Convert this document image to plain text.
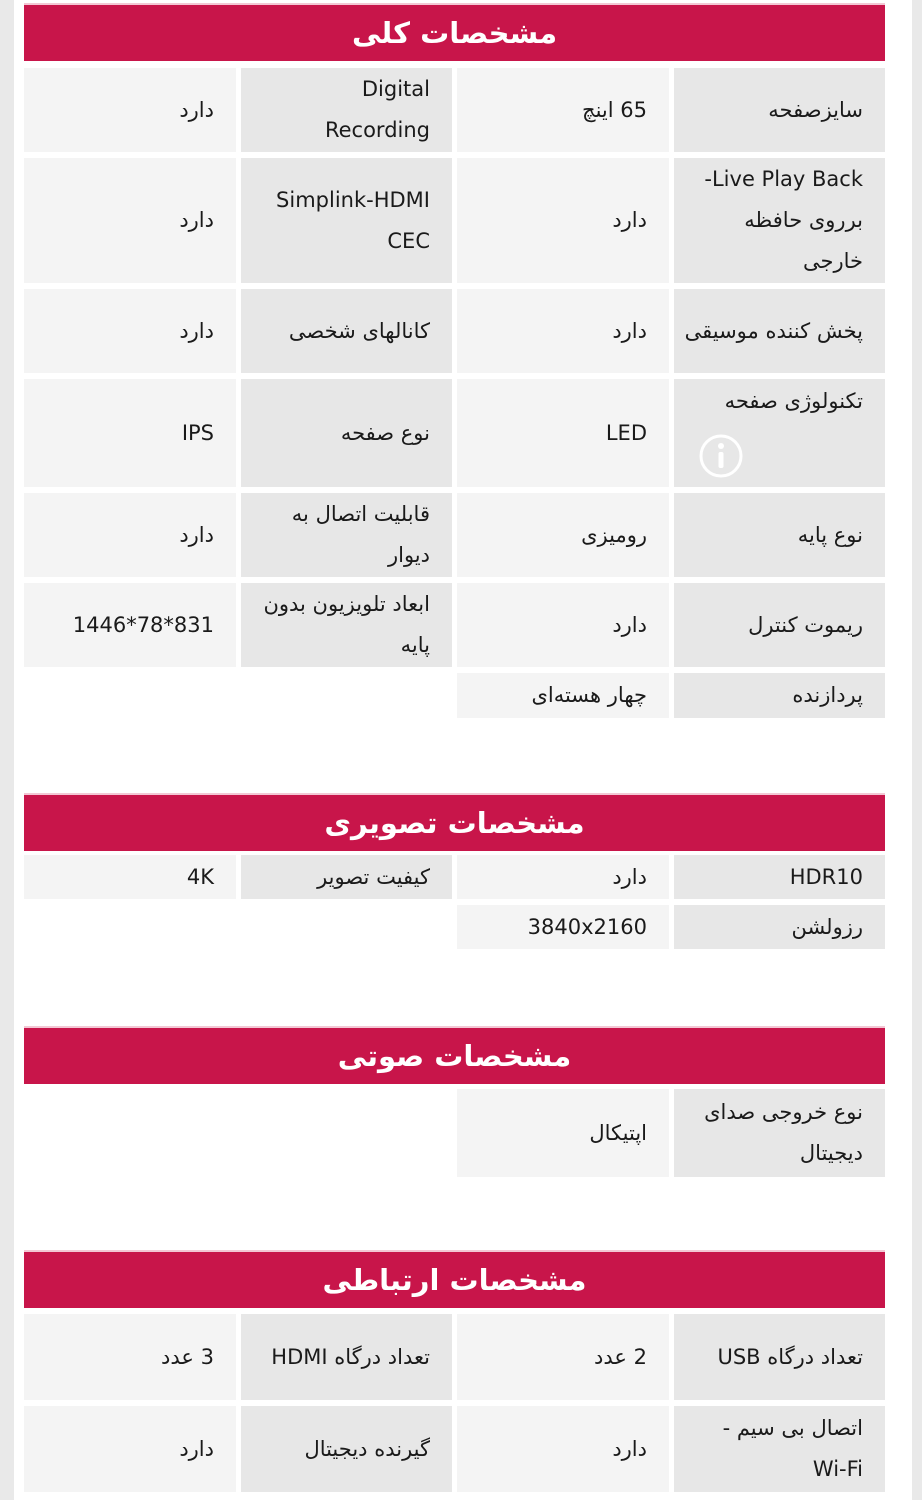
مشخصات کلی
سایزصفحه
65 اینچ
Digital Recording
دارد
Live Play Back- برروی حافظه خارجی
دارد
Simplink-HDMI CEC
دارد
پخش کننده موسیقی
دارد
کانالهای شخصی
دارد
تکنولوژی صفحه
LED
نوع صفحه
IPS
نوع پایه
رومیزی
قابلیت اتصال به دیوار
دارد
ریموت کنترل
دارد
ابعاد تلویزیون بدون پایه
1446*78*831
پردازنده
چهار هسته‌ای
مشخصات تصویری
HDR10
دارد
کیفیت تصویر
4K
رزولشن
3840x2160
مشخصات صوتی
نوع خروجی صدای دیجیتال
اپتیکال
مشخصات ارتباطی
تعداد درگاه USB
2 عدد
تعداد درگاه HDMI
3 عدد
اتصال بی سیم - Wi-Fi
دارد
گیرنده دیجیتال
دارد
